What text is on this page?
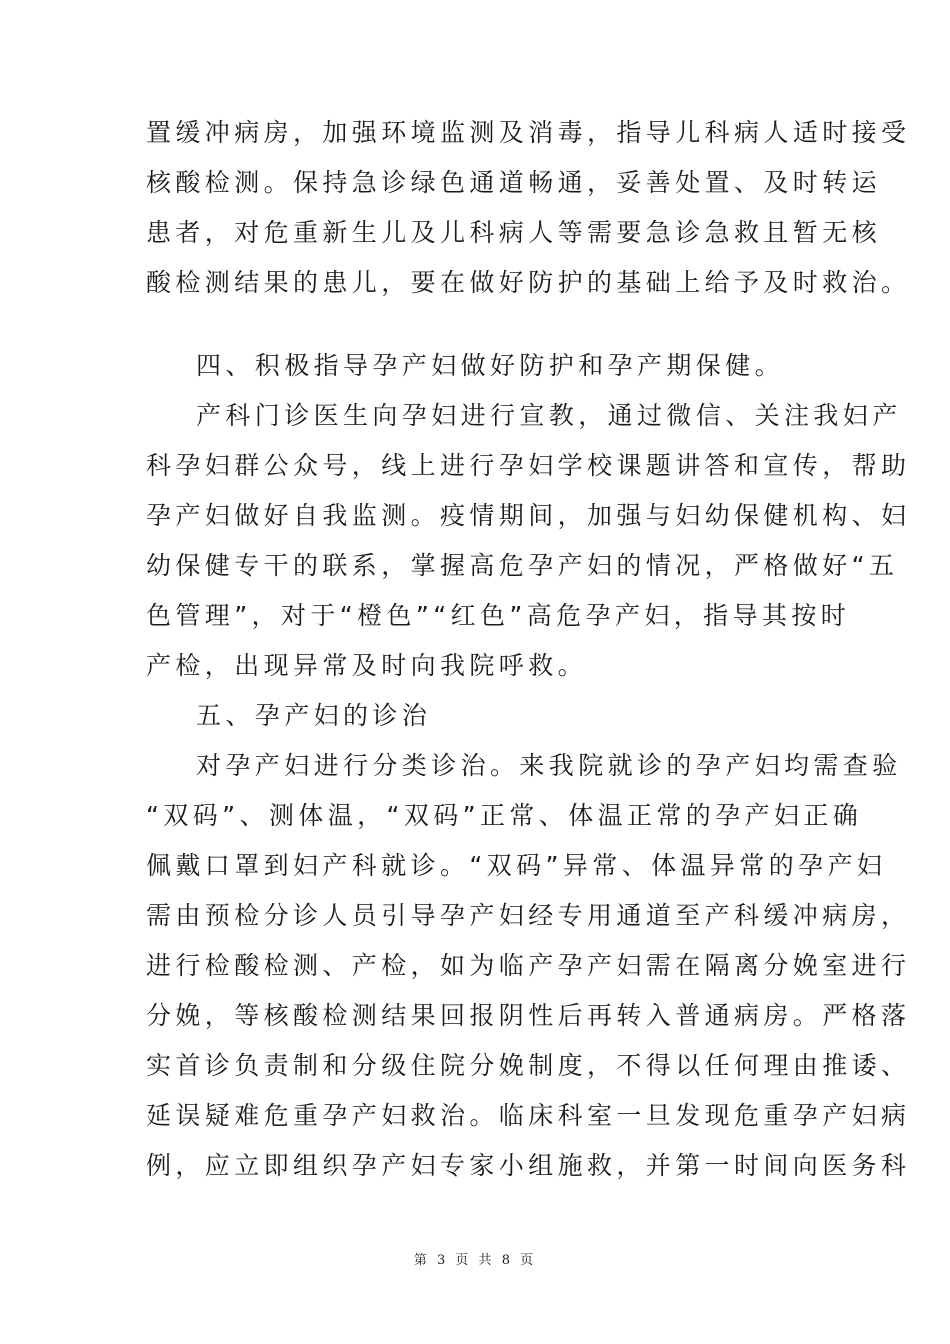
置缓冲病房，加强环境监测及消毒，指导儿科病人适时接受
核酸检测。保持急诊绿色通道畅通，妥善处置、及时转运
患者，对危重新生儿及儿科病人等需要急诊急救且暂无核
酸检测结果的患儿，要在做好防护的基础上给予及时救治。
四、积极指导孕产妇做好防护和孕产期保健。
产科门诊医生向孕妇进行宣教，通过微信、关注我妇产
科孕妇群公众号，线上进行孕妇学校课题讲答和宣传，帮助
孕产妇做好自我监测。疫情期间，加强与妇幼保健机构、妇
幼保健专干的联系，掌握高危孕产妇的情况，严格做好“五
色管理”，对于“橙色”“红色”高危孕产妇，指导其按时
产检，出现异常及时向我院呼救。
五、孕产妇的诊治
对孕产妇进行分类诊治。来我院就诊的孕产妇均需查验
“双码”、测体温，“双码”正常、体温正常的孕产妇正确
佩戴口罩到妇产科就诊。“双码”异常、体温异常的孕产妇
需由预检分诊人员引导孕产妇经专用通道至产科缓冲病房，
进行检酸检测、产检，如为临产孕产妇需在隔离分娩室进行
分娩，等核酸检测结果回报阴性后再转入普通病房。严格落
实首诊负责制和分级住院分娩制度，不得以任何理由推诿、
延误疑难危重孕产妇救治。临床科室一旦发现危重孕产妇病
例，应立即组织孕产妇专家小组施救，并第一时间向医务科
第 3 页 共 8 页
